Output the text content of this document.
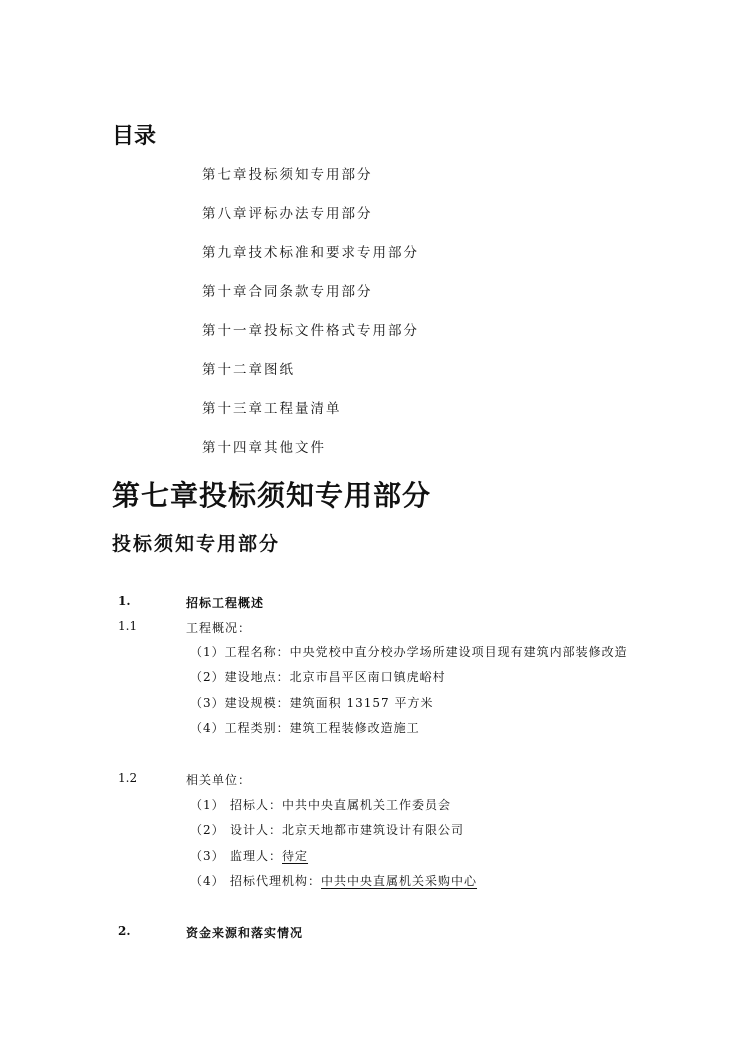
目录
第七章投标须知专用部分
第八章评标办法专用部分
第九章技术标准和要求专用部分
第十章合同条款专用部分
第十一章投标文件格式专用部分
第十二章图纸
第十三章工程量清单
第十四章其他文件
第七章投标须知专用部分
投标须知专用部分
1.	招标工程概述
1.1	工程概况：
（1）工程名称：中央党校中直分校办学场所建设项目现有建筑内部装修改造
（2）建设地点：北京市昌平区南口镇虎峪村
（3）建设规模：建筑面积 13157 平方米
（4）工程类别：建筑工程装修改造施工
1.2	相关单位：
（1） 招标人：中共中央直属机关工作委员会
（2） 设计人：北京天地都市建筑设计有限公司
（3） 监理人：待定
（4） 招标代理机构：中共中央直属机关采购中心
2.	资金来源和落实情况
